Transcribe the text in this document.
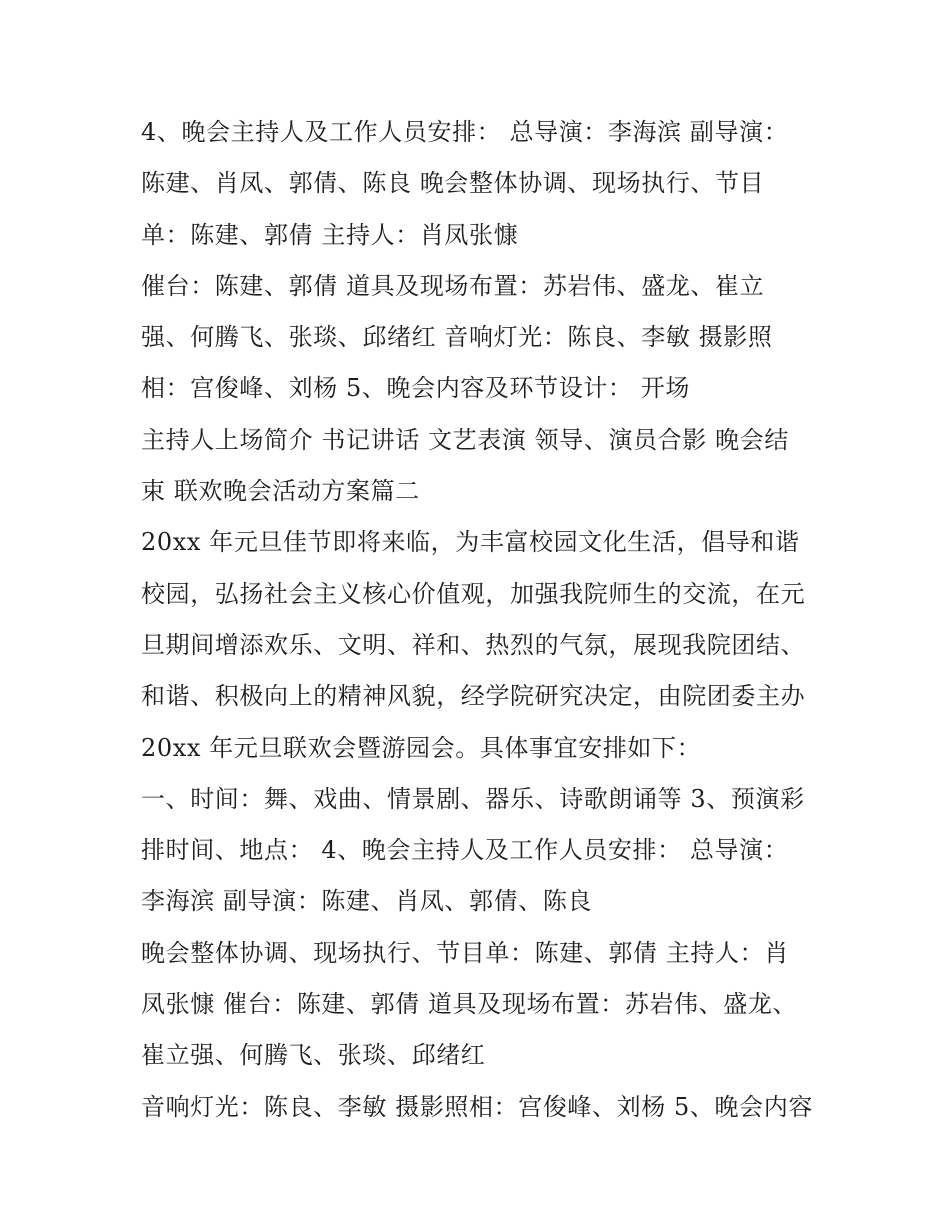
4、晚会主持人及工作人员安排： 总导演：李海滨 副导演：
陈建、肖凤、郭倩、陈良 晚会整体协调、现场执行、节目
单：陈建、郭倩 主持人：肖凤张慷
催台：陈建、郭倩 道具及现场布置：苏岩伟、盛龙、崔立
强、何腾飞、张琰、邱绪红 音响灯光：陈良、李敏 摄影照
相：宫俊峰、刘杨 5、晚会内容及环节设计： 开场
主持人上场简介 书记讲话 文艺表演 领导、演员合影 晚会结
束 联欢晚会活动方案篇二
20xx 年元旦佳节即将来临，为丰富校园文化生活，倡导和谐
校园，弘扬社会主义核心价值观，加强我院师生的交流，在元
旦期间增添欢乐、文明、祥和、热烈的气氛，展现我院团结、
和谐、积极向上的精神风貌，经学院研究决定，由院团委主办
20xx 年元旦联欢会暨游园会。具体事宜安排如下：
一、时间：舞、戏曲、情景剧、器乐、诗歌朗诵等 3、预演彩
排时间、地点： 4、晚会主持人及工作人员安排： 总导演：
李海滨 副导演：陈建、肖凤、郭倩、陈良
晚会整体协调、现场执行、节目单：陈建、郭倩 主持人：肖
凤张慷 催台：陈建、郭倩 道具及现场布置：苏岩伟、盛龙、
崔立强、何腾飞、张琰、邱绪红
音响灯光：陈良、李敏 摄影照相：宫俊峰、刘杨 5、晚会内容
